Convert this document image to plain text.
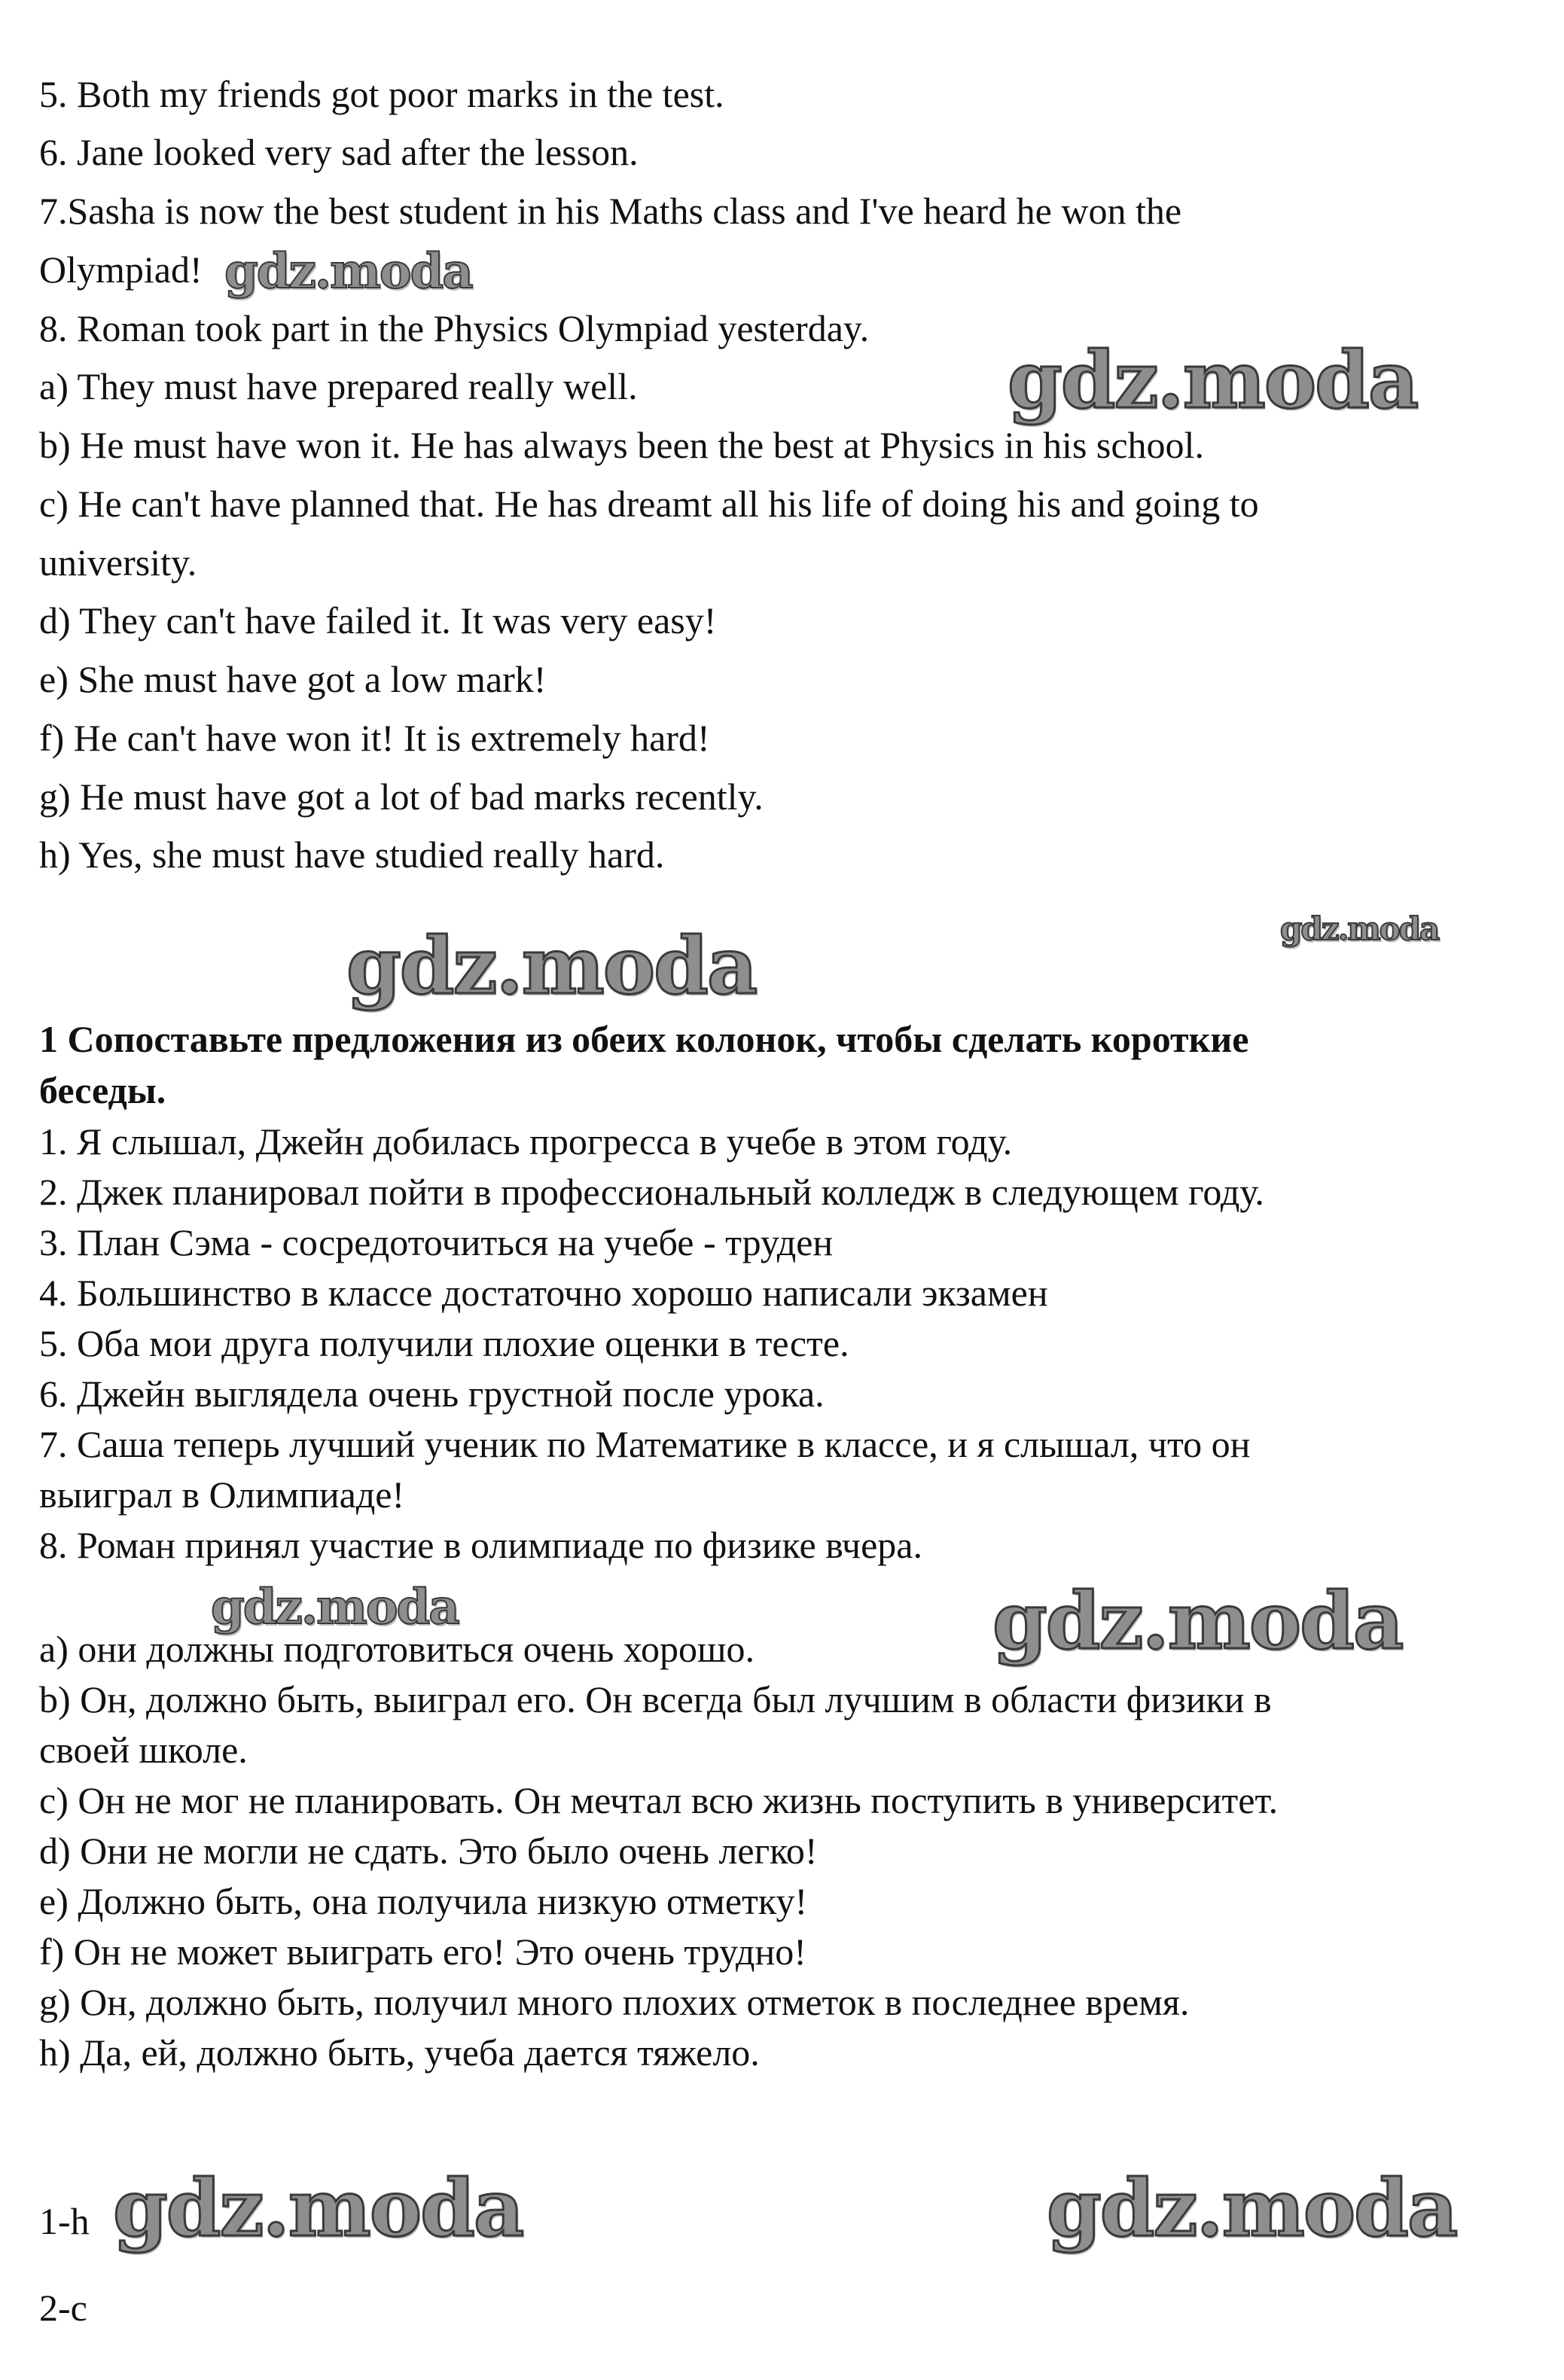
5. Both my friends got poor marks in the test.

6. Jane looked very sad after the lesson.

7.Sasha is now the best student in his Maths class and I've heard he won the

Olympiad!

8. Roman took part in the Physics Olympiad yesterday.

a) They must have prepared really well.

b) He must have won it. He has always been the best at Physics in his school.

c) He can't have planned that. He has dreamt all his life of doing his and going to

university.

d) They can't have failed it. It was very easy!

e) She must have got a low mark!

f) He can't have won it! It is extremely hard!

g) He must have got a lot of bad marks recently.

h) Yes, she must have studied really hard.

1 Сопоставьте предложения из обеих колонок, чтобы сделать короткие

беседы.

1. Я слышал, Джейн добилась прогресса в учебе в этом году.

2. Джек планировал пойти в профессиональный колледж в следующем году.

3. План Сэма - сосредоточиться на учебе - труден

4. Большинство в классе достаточно хорошо написали экзамен

5. Оба мои друга получили плохие оценки в тесте.

6. Джейн выглядела очень грустной после урока.

7. Саша теперь лучший ученик по Математике в классе, и я слышал, что он

выиграл в Олимпиаде!

8. Роман принял участие в олимпиаде по физике вчера.

a) они должны подготовиться очень хорошо.

b) Он, должно быть, выиграл его. Он всегда был лучшим в области физики в

своей школе.

c) Он не мог не планировать. Он мечтал всю жизнь поступить в университет.

d) Они не могли не сдать. Это было очень легко!

e) Должно быть, она получила низкую отметку!

f) Он не может выиграть его! Это очень трудно!

g) Он, должно быть, получил много плохих отметок в последнее время.

h) Да, ей, должно быть, учеба дается тяжело.

1-h

2-c

gdz.moda

gdz.moda

gdz.moda

gdz.moda

gdz.moda	gdz.moda

gdz.moda	gdz.moda
